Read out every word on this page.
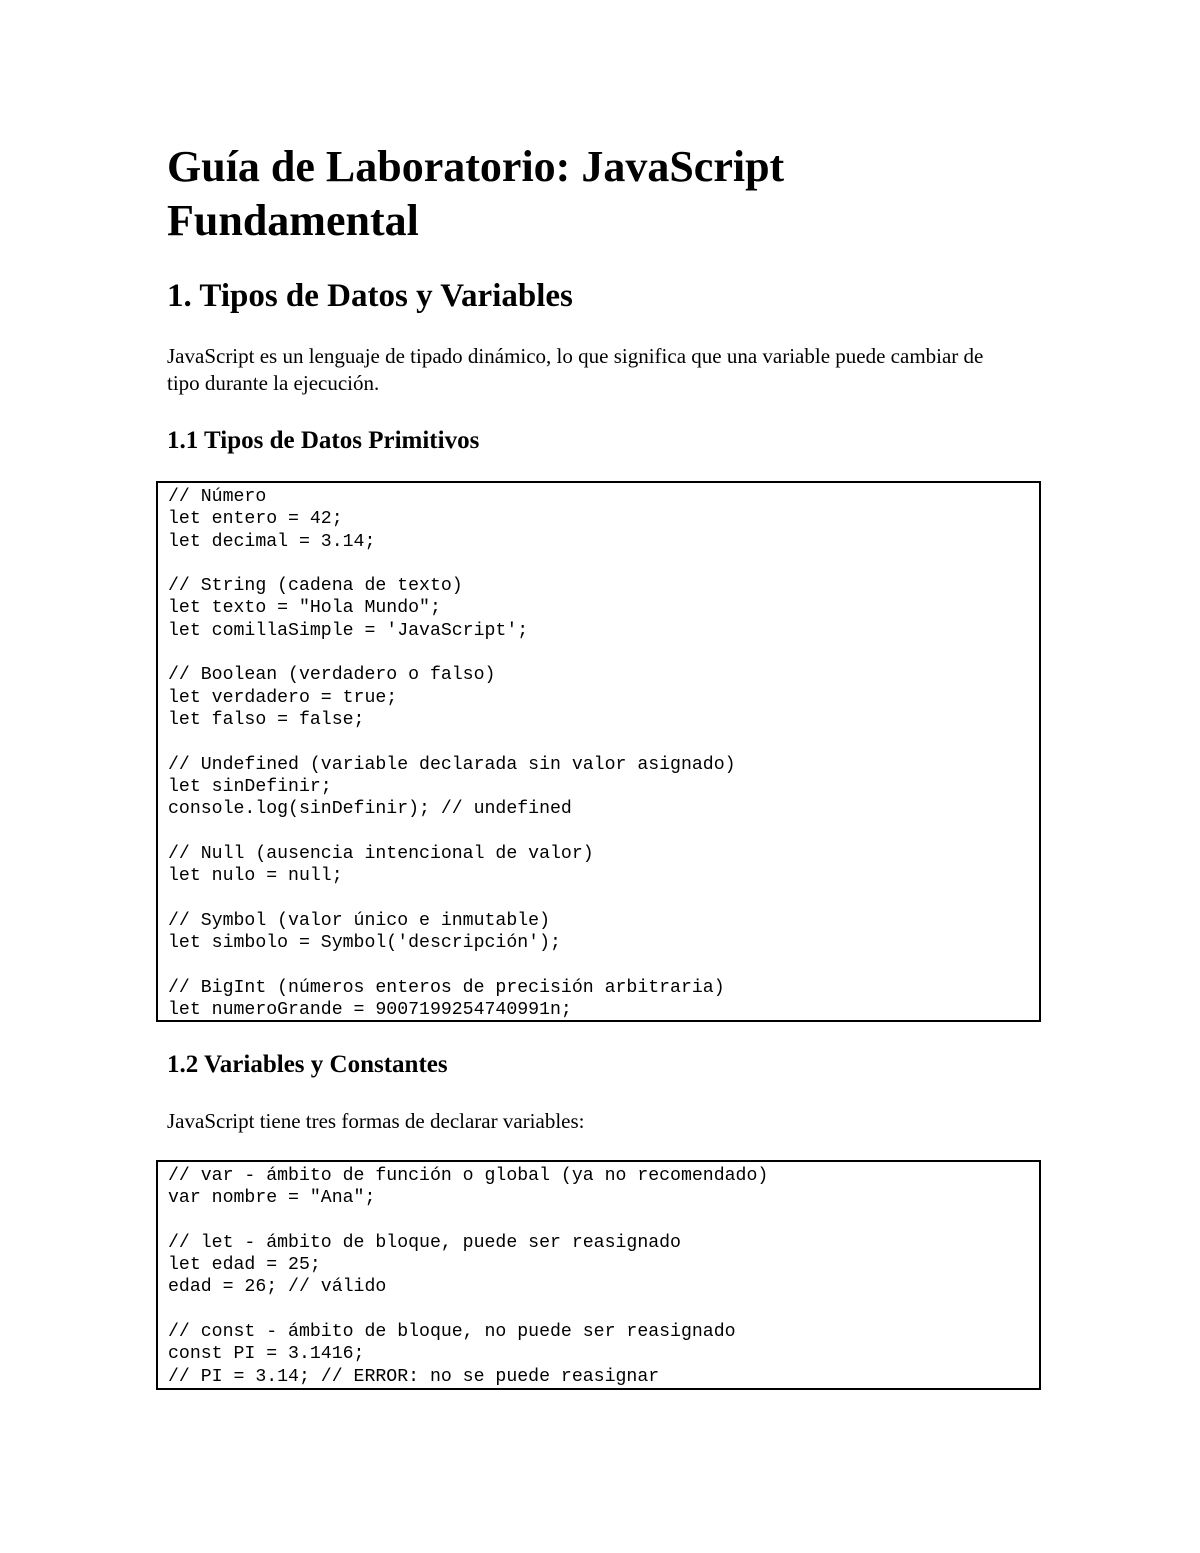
Guía de Laboratorio: JavaScript Fundamental
1. Tipos de Datos y Variables

JavaScript es un lenguaje de tipado dinámico, lo que significa que una variable puede cambiar de tipo durante la ejecución.

1.1 Tipos de Datos Primitivos
// Número
let entero = 42;
let decimal = 3.14;
// String (cadena de texto)
let texto = "Hola Mundo";
let comillaSimple = 'JavaScript';
// Boolean (verdadero o falso)
let verdadero = true;
let falso = false;
// Undefined (variable declarada sin valor asignado)
let sinDefinir;
console.log(sinDefinir); // undefined
// Null (ausencia intencional de valor)
let nulo = null;
// Symbol (valor único e inmutable)
let simbolo = Symbol('descripción');
// BigInt (números enteros de precisión arbitraria)
let numeroGrande = 9007199254740991n;
1.2 Variables y Constantes

JavaScript tiene tres formas de declarar variables:

// var - ámbito de función o global (ya no recomendado)
var nombre = "Ana";
// let - ámbito de bloque, puede ser reasignado
let edad = 25;
edad = 26; // válido
// const - ámbito de bloque, no puede ser reasignado
const PI = 3.1416;
// PI = 3.14; // ERROR: no se puede reasignar
